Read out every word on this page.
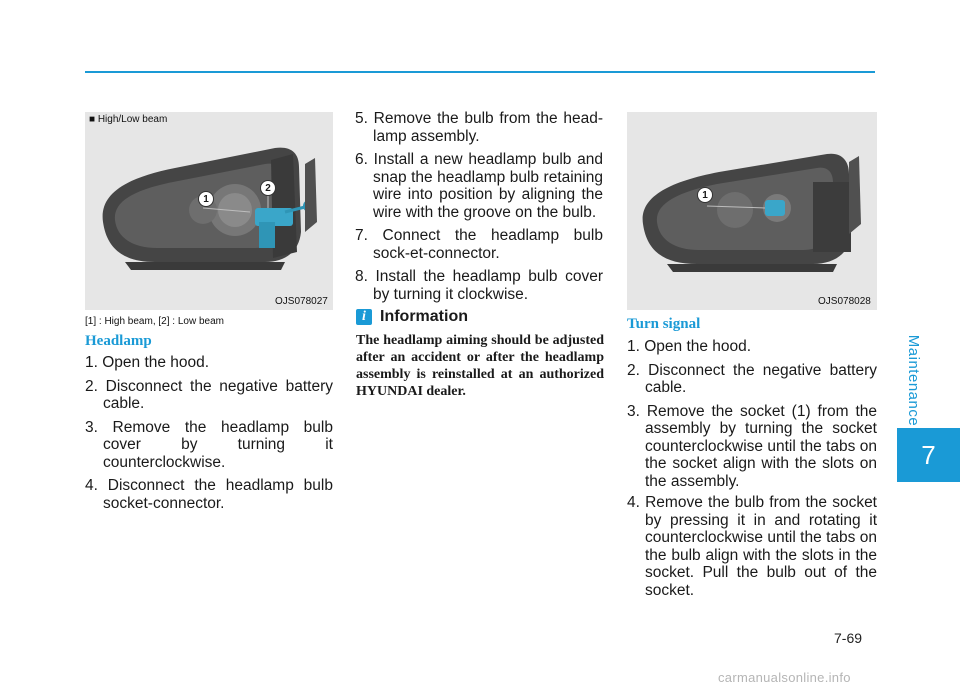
Maintenance
7
■ High/Low beam
1
2
OJS078027
[1] : High beam, [2] : Low beam
Headlamp
1. Open the hood.
2. Disconnect the negative battery cable.
3. Remove the headlamp bulb cover by turning it counterclockwise.
4. Disconnect the headlamp bulb socket-connector.
5. Remove the bulb from the head-lamp assembly.
6. Install a new headlamp bulb and snap the headlamp bulb retaining wire into position by aligning the wire with the groove on the bulb.
7. Connect the headlamp bulb sock-et-connector.
8. Install the headlamp bulb cover by turning it clockwise.
i Information

The headlamp aiming should be adjusted after an accident or after the headlamp assembly is reinstalled at an authorized HYUNDAI dealer.

1
OJS078028
Turn signal
1. Open the hood.
2. Disconnect the negative battery cable.
3. Remove the socket (1) from the assembly by turning the socket counterclockwise until the tabs on the socket align with the slots on the assembly.
4. Remove the bulb from the socket by pressing it in and rotating it counterclockwise until the tabs on the bulb align with the slots in the socket. Pull the bulb out of the socket.
7-69
carmanualsonline.info
